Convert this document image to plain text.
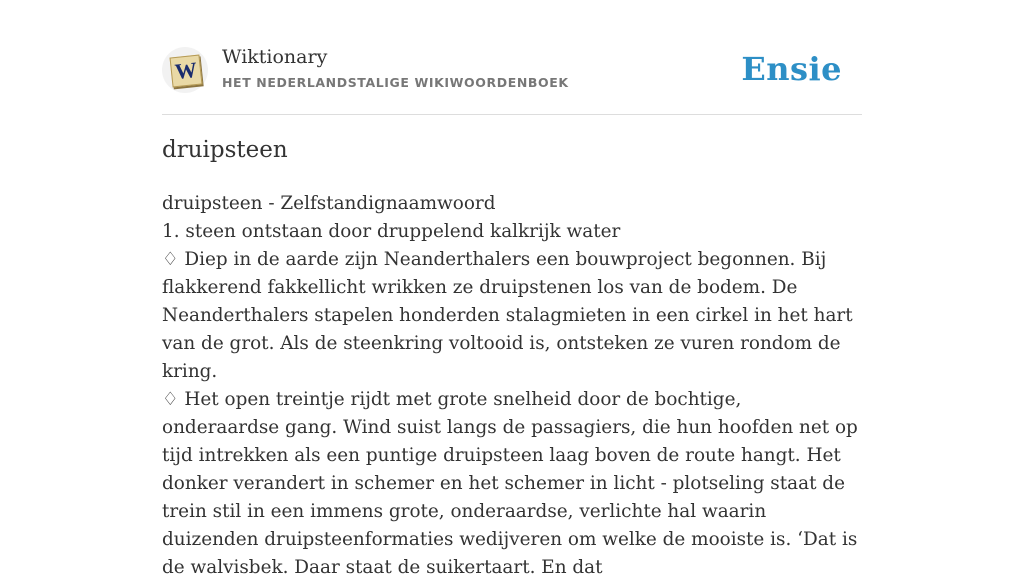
W Wiktionary
HET NEDERLANDSTALIGE WIKIWOORDENBOEK	Ensie
druipsteen
druipsteen - Zelfstandignaamwoord
1. steen ontstaan door druppelend kalkrijk water
♢ Diep in de aarde zijn Neanderthalers een bouwproject begonnen. Bij flakkerend fakkellicht wrikken ze druipstenen los van de bodem. De Neanderthalers stapelen honderden stalagmieten in een cirkel in het hart van de grot. Als de steenkring voltooid is, ontsteken ze vuren rondom de kring.
♢ Het open treintje rijdt met grote snelheid door de bochtige, onderaardse gang. Wind suist langs de passagiers, die hun hoofden net op tijd intrekken als een puntige druipsteen laag boven de route hangt. Het donker verandert in schemer en het schemer in licht - plotseling staat de trein stil in een immens grote, onderaardse, verlichte hal waarin duizenden druipsteenformaties wedijveren om welke de mooiste is. ‘Dat is de walvisbek. Daar staat de suikertaart. En dat
